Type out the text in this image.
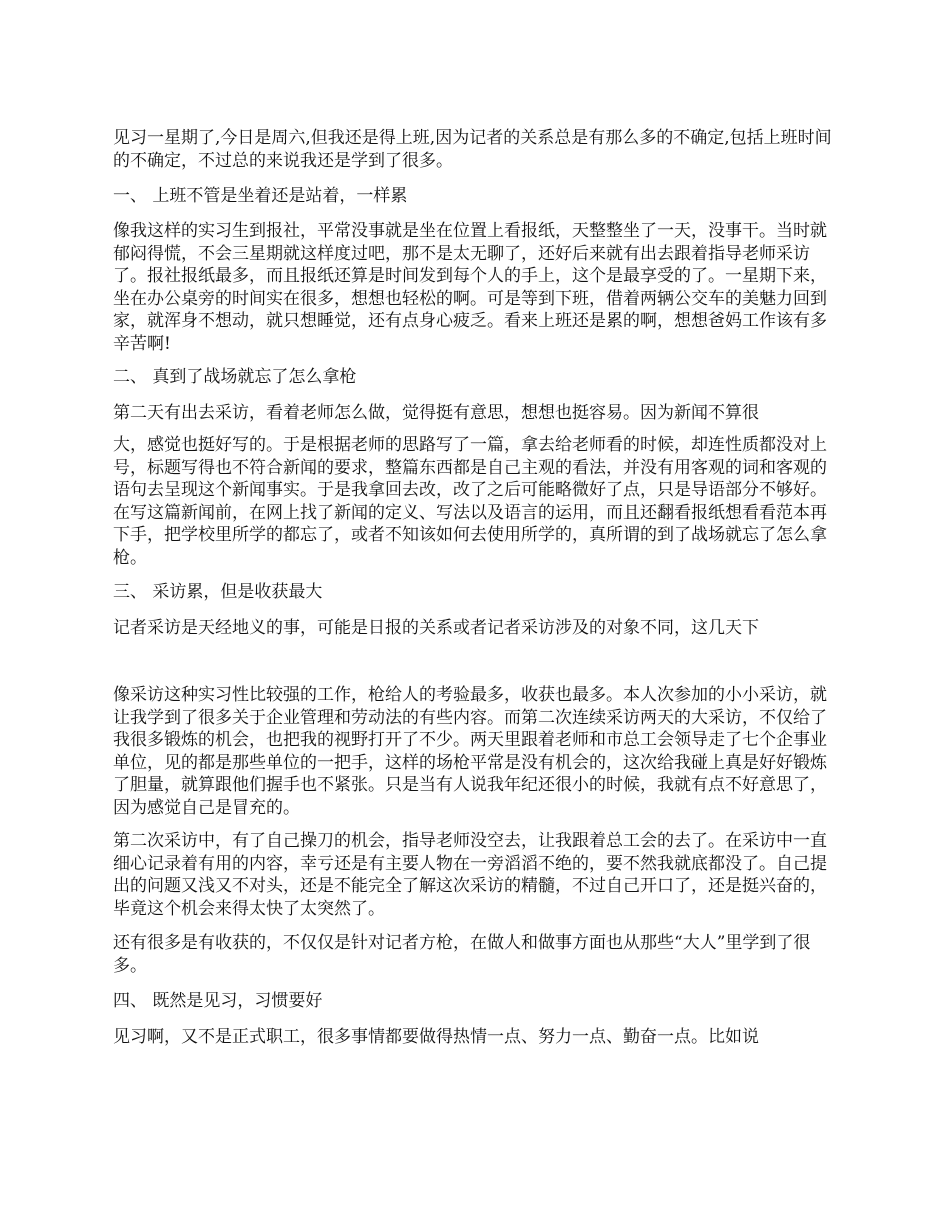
见习一星期了,今日是周六,但我还是得上班,因为记者的关系总是有那么多的不确定,包括上班时间的不确定，不过总的来说我还是学到了很多。

一、 上班不管是坐着还是站着，一样累

像我这样的实习生到报社，平常没事就是坐在位置上看报纸，天整整坐了一天，没事干。当时就郁闷得慌，不会三星期就这样度过吧，那不是太无聊了，还好后来就有出去跟着指导老师采访了。报社报纸最多，而且报纸还算是时间发到每个人的手上，这个是最享受的了。一星期下来，坐在办公桌旁的时间实在很多，想想也轻松的啊。可是等到下班，借着两辆公交车的美魅力回到家，就浑身不想动，就只想睡觉，还有点身心疲乏。看来上班还是累的啊，想想爸妈工作该有多辛苦啊!

二、 真到了战场就忘了怎么拿枪

第二天有出去采访，看着老师怎么做，觉得挺有意思，想想也挺容易。因为新闻不算很

大，感觉也挺好写的。于是根据老师的思路写了一篇，拿去给老师看的时候，却连性质都没对上号，标题写得也不符合新闻的要求，整篇东西都是自己主观的看法，并没有用客观的词和客观的语句去呈现这个新闻事实。于是我拿回去改，改了之后可能略微好了点，只是导语部分不够好。在写这篇新闻前，在网上找了新闻的定义、写法以及语言的运用，而且还翻看报纸想看看范本再下手，把学校里所学的都忘了，或者不知该如何去使用所学的，真所谓的到了战场就忘了怎么拿枪。

三、 采访累，但是收获最大

记者采访是天经地义的事，可能是日报的关系或者记者采访涉及的对象不同，这几天下

像采访这种实习性比较强的工作，枪给人的考验最多，收获也最多。本人次参加的小小采访，就让我学到了很多关于企业管理和劳动法的有些内容。而第二次连续采访两天的大采访，不仅给了我很多锻炼的机会，也把我的视野打开了不少。两天里跟着老师和市总工会领导走了七个企事业单位，见的都是那些单位的一把手，这样的场枪平常是没有机会的，这次给我碰上真是好好锻炼了胆量，就算跟他们握手也不紧张。只是当有人说我年纪还很小的时候，我就有点不好意思了，因为感觉自己是冒充的。

第二次采访中，有了自己操刀的机会，指导老师没空去，让我跟着总工会的去了。在采访中一直细心记录着有用的内容，幸亏还是有主要人物在一旁滔滔不绝的，要不然我就底都没了。自己提出的问题又浅又不对头，还是不能完全了解这次采访的精髓，不过自己开口了，还是挺兴奋的，毕竟这个机会来得太快了太突然了。

还有很多是有收获的，不仅仅是针对记者方枪，在做人和做事方面也从那些“大人”里学到了很多。

四、 既然是见习，习惯要好

见习啊，又不是正式职工，很多事情都要做得热情一点、努力一点、勤奋一点。比如说
